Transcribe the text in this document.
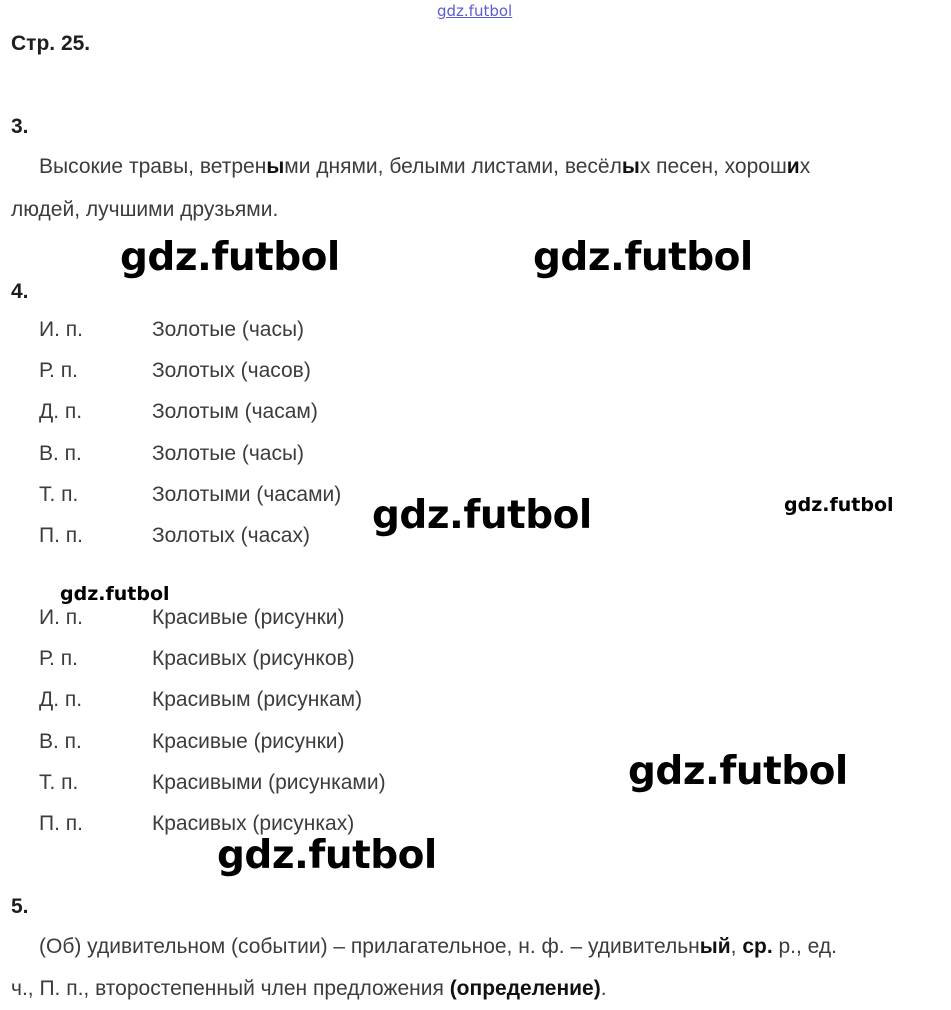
gdz.futbol
Стр. 25.
3.
Высокие травы, ветреными днями, белыми листами, весёлых песен, хороших
людей, лучшими друзьями.
4.
И. п.	Золотые (часы)
Р. п.	Золотых (часов)
Д. п.	Золотым (часам)
В. п.	Золотые (часы)
Т. п.	Золотыми (часами)
П. п.	Золотых (часах)
И. п.	Красивые (рисунки)
Р. п.	Красивых (рисунков)
Д. п.	Красивым (рисункам)
В. п.	Красивые (рисунки)
Т. п.	Красивыми (рисунками)
П. п.	Красивых (рисунках)
5.
(Об) удивительном (событии) – прилагательное, н. ф. – удивительный, ср. р., ед.
ч., П. п., второстепенный член предложения (определение).
gdz.futbol	gdz.futbol
gdz.futbol	gdz.futbol
gdz.futbol
gdz.futbol
gdz.futbol
